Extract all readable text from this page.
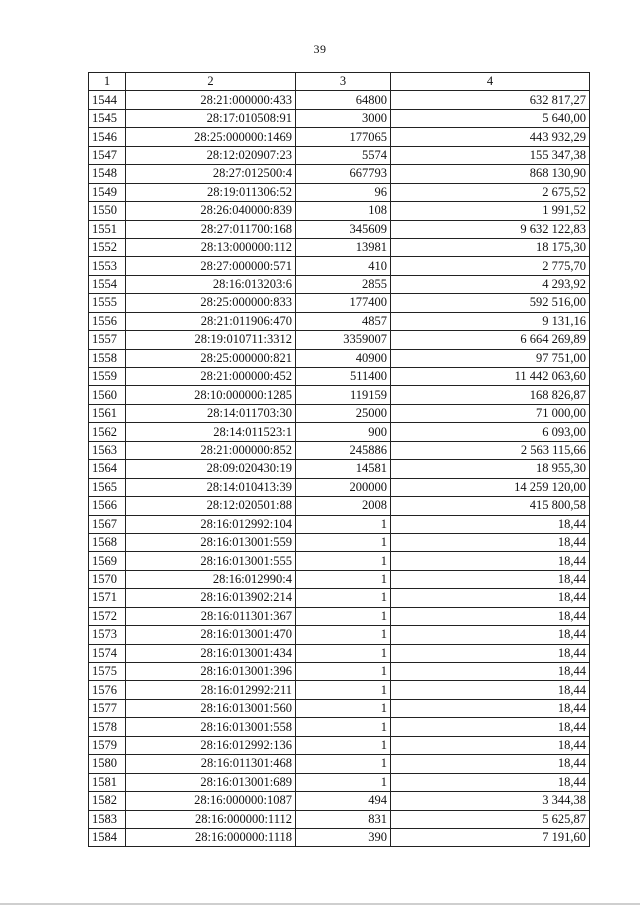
39
1	2	3	4
1544	28:21:000000:433	64800	632 817,27
1545	28:17:010508:91	3000	5 640,00
1546	28:25:000000:1469	177065	443 932,29
1547	28:12:020907:23	5574	155 347,38
1548	28:27:012500:4	667793	868 130,90
1549	28:19:011306:52	96	2 675,52
1550	28:26:040000:839	108	1 991,52
1551	28:27:011700:168	345609	9 632 122,83
1552	28:13:000000:112	13981	18 175,30
1553	28:27:000000:571	410	2 775,70
1554	28:16:013203:6	2855	4 293,92
1555	28:25:000000:833	177400	592 516,00
1556	28:21:011906:470	4857	9 131,16
1557	28:19:010711:3312	3359007	6 664 269,89
1558	28:25:000000:821	40900	97 751,00
1559	28:21:000000:452	511400	11 442 063,60
1560	28:10:000000:1285	119159	168 826,87
1561	28:14:011703:30	25000	71 000,00
1562	28:14:011523:1	900	6 093,00
1563	28:21:000000:852	245886	2 563 115,66
1564	28:09:020430:19	14581	18 955,30
1565	28:14:010413:39	200000	14 259 120,00
1566	28:12:020501:88	2008	415 800,58
1567	28:16:012992:104	1	18,44
1568	28:16:013001:559	1	18,44
1569	28:16:013001:555	1	18,44
1570	28:16:012990:4	1	18,44
1571	28:16:013902:214	1	18,44
1572	28:16:011301:367	1	18,44
1573	28:16:013001:470	1	18,44
1574	28:16:013001:434	1	18,44
1575	28:16:013001:396	1	18,44
1576	28:16:012992:211	1	18,44
1577	28:16:013001:560	1	18,44
1578	28:16:013001:558	1	18,44
1579	28:16:012992:136	1	18,44
1580	28:16:011301:468	1	18,44
1581	28:16:013001:689	1	18,44
1582	28:16:000000:1087	494	3 344,38
1583	28:16:000000:1112	831	5 625,87
1584	28:16:000000:1118	390	7 191,60
